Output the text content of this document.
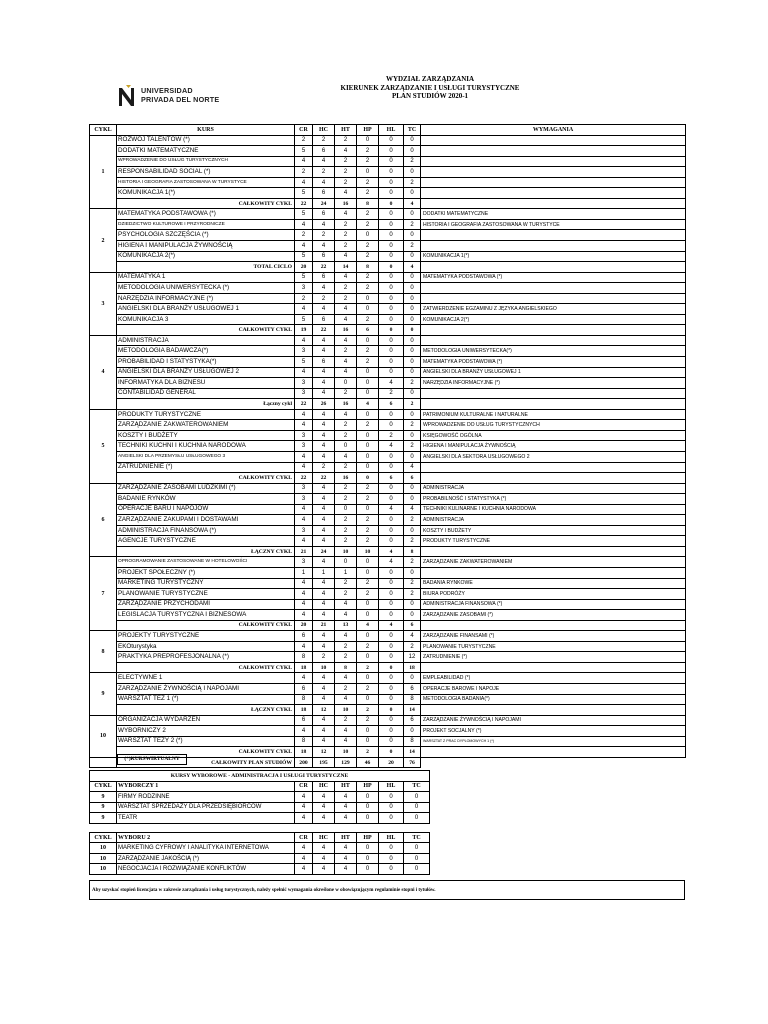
UNIVERSIDAD
PRIVADA DEL NORTE
WYDZIAŁ ZARZĄDZANIA
KIERUNEK ZARZĄDZANIE I USŁUGI TURYSTYCZNE
PLAN STUDIÓW 2020-1
CYKL	KURS	CR	HC	HT	HP	HL	TC	WYMAGANIA
1	ROZWÓJ TALENTÓW (*)	2	2	2	0	0	0	
	DODATKI MATEMATYCZNE	5	6	4	2	0	0	
	WPROWADZENIE DO USŁUG TURYSTYCZNYCH	4	4	2	2	0	2	
	RESPONSABILIDAD SOCIAL (*)	2	2	2	0	0	0	
	HISTORIA I GEOGRAFIA ZASTOSOWANA W TURYSTYCE	4	4	2	2	0	2	
	KOMUNIKACJA 1(*)	5	6	4	2	0	0	
	CAŁKOWITY CYKL	22	24	16	8	0	4	
2	MATEMATYKA PODSTAWOWA (*)	5	6	4	2	0	0	DODATKI MATEMATYCZNE
	DZIEDZICTWO KULTUROWE I PRZYRODNICZE	4	4	2	2	0	2	HISTORIA I GEOGRAFIA ZASTOSOWANA W TURYSTYCE
	PSYCHOLOGIA SZCZĘŚCIA (*)	2	2	2	0	0	0	
	HIGIENA I MANIPULACJA ŻYWNOŚCIĄ	4	4	2	2	0	2	
	KOMUNIKACJA 2(*)	5	6	4	2	0	0	KOMUNIKACJA 1(*)
	TOTAL CICLO	20	22	14	8	0	4	
3	MATEMATYKA 1	5	6	4	2	0	0	MATEMATYKA PODSTAWOWA (*)
	METODOLOGIA UNIWERSYTECKA (*)	3	4	2	2	0	0	
	NARZĘDZIA INFORMACYJNE (*)	2	2	2	0	0	0	
	ANGIELSKI DLA BRANŻY USŁUGOWEJ 1	4	4	4	0	0	0	ZATWIERDZENIE EGZAMINU Z JĘZYKA ANGIELSKIEGO
	KOMUNIKACJA 3	5	6	4	2	0	0	KOMUNIKACJA 2(*)
	CAŁKOWITY CYKL	19	22	16	6	0	0	
4	ADMINISTRACJA	4	4	4	0	0	0	
	METODOLOGIA BADAWCZA(*)	3	4	2	2	0	0	METODOLOGIA UNIWERSYTECKA(*)
	PROBABILIDAD I STATYSTYKA(*)	5	6	4	2	0	0	MATEMATYKA PODSTAWOWA (*)
	ANGIELSKI DLA BRANŻY USŁUGOWEJ 2	4	4	4	0	0	0	ANGIELSKI DLA BRANŻY USŁUGOWEJ 1
	INFORMATYKA DLA BIZNESU	3	4	0	0	4	2	NARZĘDZIA INFORMACYJNE (*)
	CONTABILIDAD GENERAL	3	4	2	0	2	0	
	Łączny cykl	22	26	16	4	6	2	
5	PRODUKTY TURYSTYCZNE	4	4	4	0	0	0	PATRIMONIUM KULTURALNE I NATURALNE
	ZARZĄDZANIE ZAKWATEROWANIEM	4	4	2	2	0	2	WPROWADZENIE DO USŁUG TURYSTYCZNYCH
	KOSZTY I BUDŻETY	3	4	2	0	2	0	KSIĘGOWOŚĆ OGÓLNA
	TECHNIKI KUCHNI I KUCHNIA NARODOWA	3	4	0	0	4	2	HIGIENA I MANIPULACJA ŻYWNOŚCIĄ
	ANGIELSKI DLA PRZEMYSŁU USŁUGOWEGO 3	4	4	4	0	0	0	ANGIELSKI DLA SEKTORA USŁUGOWEGO 2
	ZATRUDNIENIE (*)	4	2	2	0	0	4	
	CAŁKOWITY CYKL	22	22	16	0	6	6	
6	ZARZĄDZANIE ZASOBAMI LUDZKIMI (*)	3	4	2	2	0	0	ADMINISTRACJA
	BADANIE RYNKÓW	3	4	2	2	0	0	PROBABILNOŚĆ I STATYSTYKA (*)
	OPERACJE BARU I NAPOJÓW	4	4	0	0	4	4	TECHNIKI KULINARNE I KUCHNIA NARODOWA
	ZARZĄDZANIE ZAKUPAMI I DOSTAWAMI	4	4	2	2	0	2	ADMINISTRACJA
	ADMINISTRACJA FINANSOWA (*)	3	4	2	2	0	0	KOSZTY I BUDŻETY
	AGENCJE TURYSTYCZNE	4	4	2	2	0	2	PRODUKTY TURYSTYCZNE
	ŁĄCZNY CYKL	21	24	10	10	4	8	
7	OPROGRAMOWANIE ZASTOSOWANE W HOTELOWOŚCI	3	4	0	0	4	2	ZARZĄDZANIE ZAKWATEROWANIEM
	PROJEKT SPOŁECZNY (*)	1	1	1	0	0	0	
	MARKETING TURYSTYCZNY	4	4	2	2	0	2	BADANIA RYNKOWE
	PLANOWANIE TURYSTYCZNE	4	4	2	2	0	2	BIURA PODRÓŻY
	ZARZĄDZANIE PRZYCHODAMI	4	4	4	0	0	0	ADMINISTRACJA FINANSOWA (*)
	LEGISLACJA TURYSTYCZNA I BIZNESOWA	4	4	4	0	0	0	ZARZĄDZANIE ZASOBAMI (*)
	CAŁKOWITY CYKL	20	21	13	4	4	6	
8	PROJEKTY TURYSTYCZNE	6	4	4	0	0	4	ZARZĄDZANIE FINANSAMI (*)
	EKOturystyka	4	4	2	2	0	2	PLANOWANIE TURYSTYCZNE
	PRAKTYKA PREPROFESJONALNA (*)	8	2	2	0	0	12	ZATRUDNIENIE (*)
	CAŁKOWITY CYKL	18	10	8	2	0	18	
9	ELECTYWNE 1	4	4	4	0	0	0	EMPLEABILIDAD (*)
	ZARZĄDZANIE ŻYWNOŚCIĄ I NAPOJAMI	6	4	2	2	0	6	OPERACJE BAROWE I NAPOJE
	WARSZTAT TEZ 1 (*)	8	4	4	0	0	8	METODOLOGIA BADANIA(*)
	ŁĄCZNY CYKL	18	12	10	2	0	14	
10	ORGANIZACJA WYDARZEŃ	6	4	2	2	0	6	ZARZĄDZANIE ŻYWNOŚCIĄ I NAPOJAMI
	WYBORNICZY 2	4	4	4	0	0	0	PROJEKT SOCJALNY (*)
	WARSZTAT TEZY 2 (*)	8	4	4	0	0	8	WARSZTAT Z PRAC DYPLOMOWYCH 1 (*)
	CAŁKOWITY CYKL	18	12	10	2	0	14	
	CAŁKOWITY PLAN STUDIÓW	200	195	129	46	20	76	
(*)KURSWIRTUALNY
KURSY WYBOROWE - ADMINISTRACJA I USŁUGI TURYSTYCZNE							
CYKL	WYBORCZY 1	CR	HC	HT	HP	HL	TC
9	FIRMY RODZINNE	4	4	4	0	0	0
9	WARSZTAT SPRZEDAŻY DLA PRZEDSIĘBIORCÓW	4	4	4	0	0	0
9	TEATR	4	4	4	0	0	0

CYKL	WYBORU 2	CR	HC	HT	HP	HL	TC
10	MARKETING CYFROWY I ANALITYKA INTERNETOWA	4	4	4	0	0	0
10	ZARZĄDZANIE JAKOŚCIĄ (*)	4	4	4	0	0	0
10	NEGOCJACJA I ROZWIĄZANIE KONFLIKTÓW	4	4	4	0	0	0
Aby uzyskać stopień licencjata w zakresie zarządzania i usług turystycznych, należy spełnić wymagania określone w obowiązującym regulaminie stopni i tytułów.
